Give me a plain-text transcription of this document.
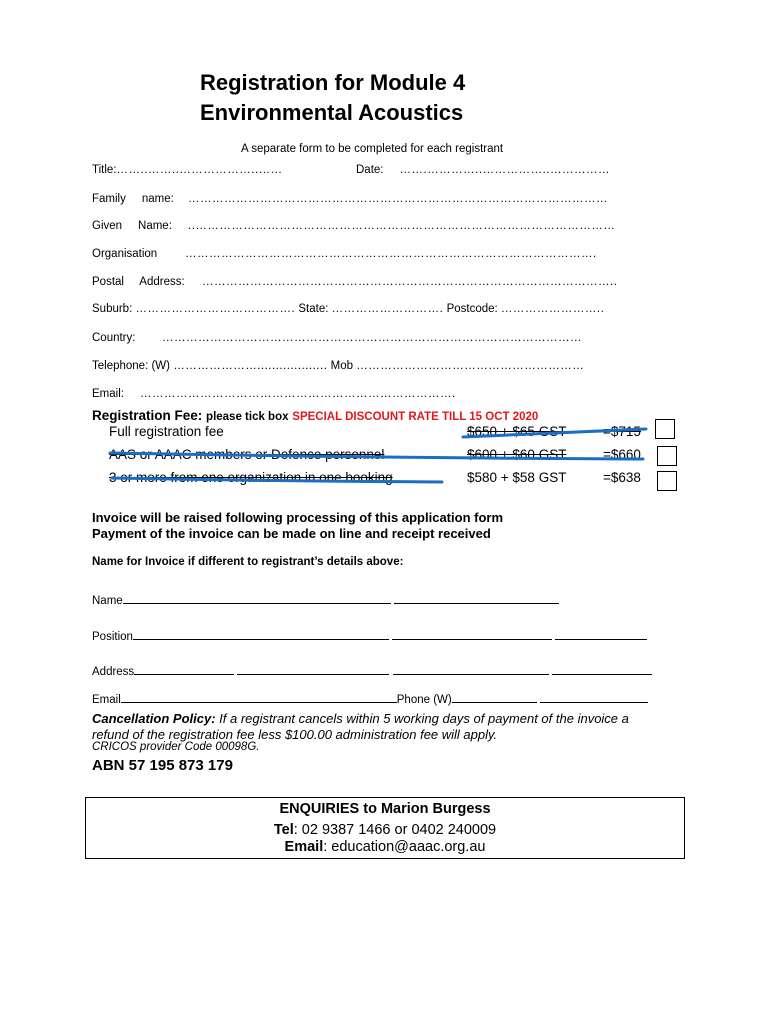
Registration for Module 4
Environmental Acoustics
A separate form to be completed for each registrant
Title:……..……..………………..……	Date: …….…………..……………..……………
Family     name: ……………………………………………………………………………………………
Given     Name: ..……………………………………………………………………………………………
Organisation ………………………………………………………………………………………….
Postal     Address: …………………………………………………………………………………………..
Suburb: …………………………………. State: ………………………. Postcode: ……………………..
Country: ……………………………………………………………………………………………
Telephone: (W) …………………................... Mob …………………………………………………
Email: …………………………………………………………………….
Registration Fee: please tick box SPECIAL DISCOUNT RATE TILL 15 OCT 2020
Full registration fee	$650 + $65 GST	=$715
AAS or AAAC members or Defence personnel	$600 + $60 GST	=$660
3 or more from one organization in one booking	$580 + $58 GST	=$638
Invoice will be raised following processing of this application form
Payment of the invoice can be made on line and receipt received
Name for Invoice if different to registrant’s details above:
Name
Position
Address
Email	Phone (W)
Cancellation Policy: If a registrant cancels within 5 working days of payment of the invoice a
refund of the registration fee less $100.00 administration fee will apply.
CRICOS provider Code 00098G.
ABN 57 195 873 179
ENQUIRIES to Marion Burgess
Tel: 02 9387 1466 or 0402 240009
Email: education@aaac.org.au
